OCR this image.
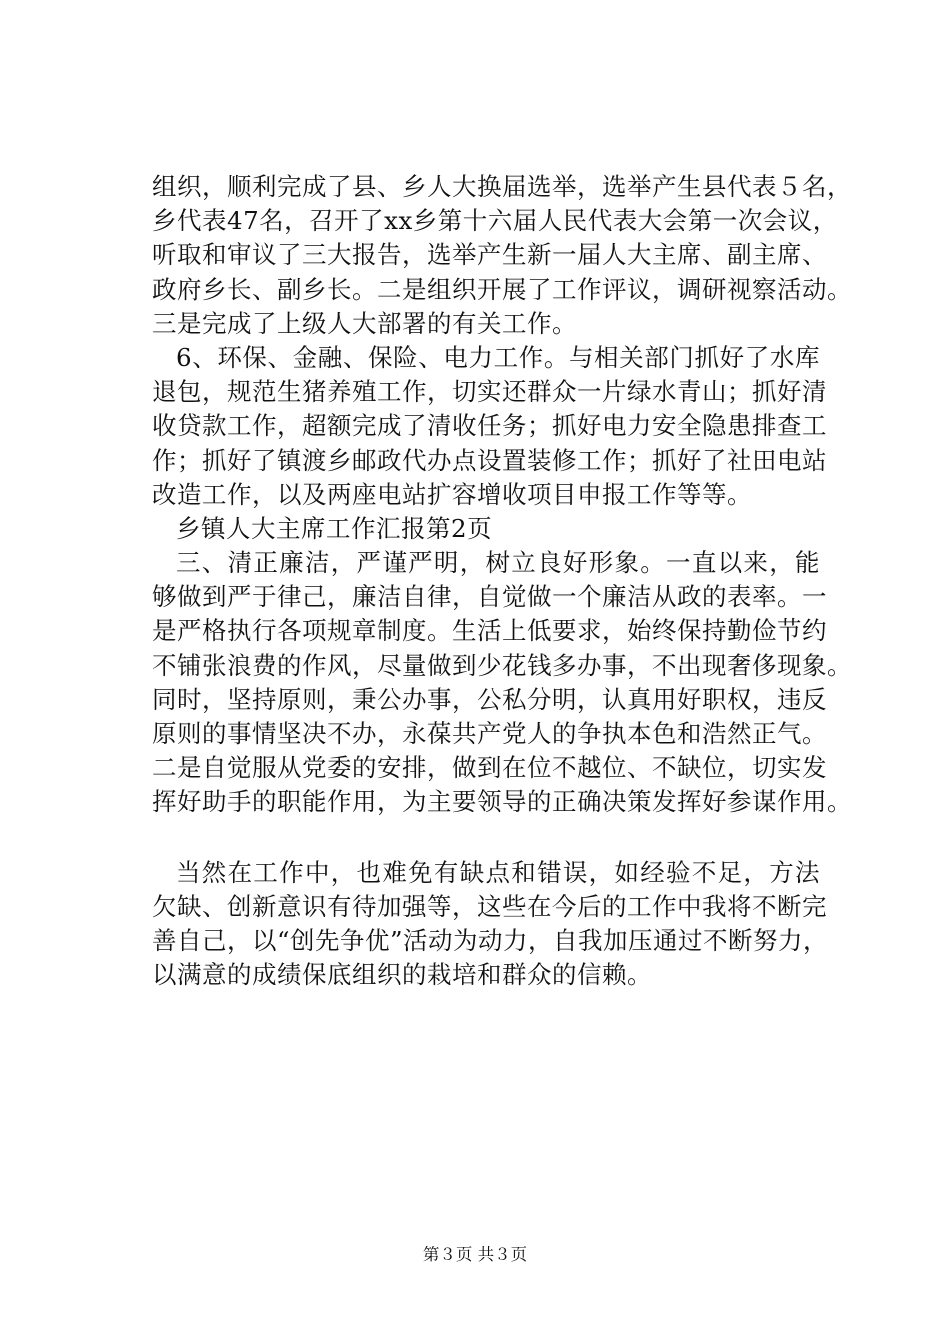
组织，顺利完成了县、乡人大换届选举，选举产生县代表５名，
乡代表47名，召开了xx乡第十六届人民代表大会第一次会议，
听取和审议了三大报告，选举产生新一届人大主席、副主席、
政府乡长、副乡长。二是组织开展了工作评议，调研视察活动。
三是完成了上级人大部署的有关工作。
6、环保、金融、保险、电力工作。与相关部门抓好了水库
退包，规范生猪养殖工作，切实还群众一片绿水青山；抓好清
收贷款工作，超额完成了清收任务；抓好电力安全隐患排查工
作；抓好了镇渡乡邮政代办点设置装修工作；抓好了社田电站
改造工作，以及两座电站扩容增收项目申报工作等等。
乡镇人大主席工作汇报第2页
三、清正廉洁，严谨严明，树立良好形象。一直以来，能
够做到严于律己，廉洁自律，自觉做一个廉洁从政的表率。一
是严格执行各项规章制度。生活上低要求，始终保持勤俭节约
不铺张浪费的作风，尽量做到少花钱多办事，不出现奢侈现象。
同时，坚持原则，秉公办事，公私分明，认真用好职权，违反
原则的事情坚决不办，永葆共产党人的争执本色和浩然正气。
二是自觉服从党委的安排，做到在位不越位、不缺位，切实发
挥好助手的职能作用，为主要领导的正确决策发挥好参谋作用。
当然在工作中，也难免有缺点和错误，如经验不足，方法
欠缺、创新意识有待加强等，这些在今后的工作中我将不断完
善自己，以“创先争优”活动为动力，自我加压通过不断努力，
以满意的成绩保底组织的栽培和群众的信赖。
第３页 共３页
